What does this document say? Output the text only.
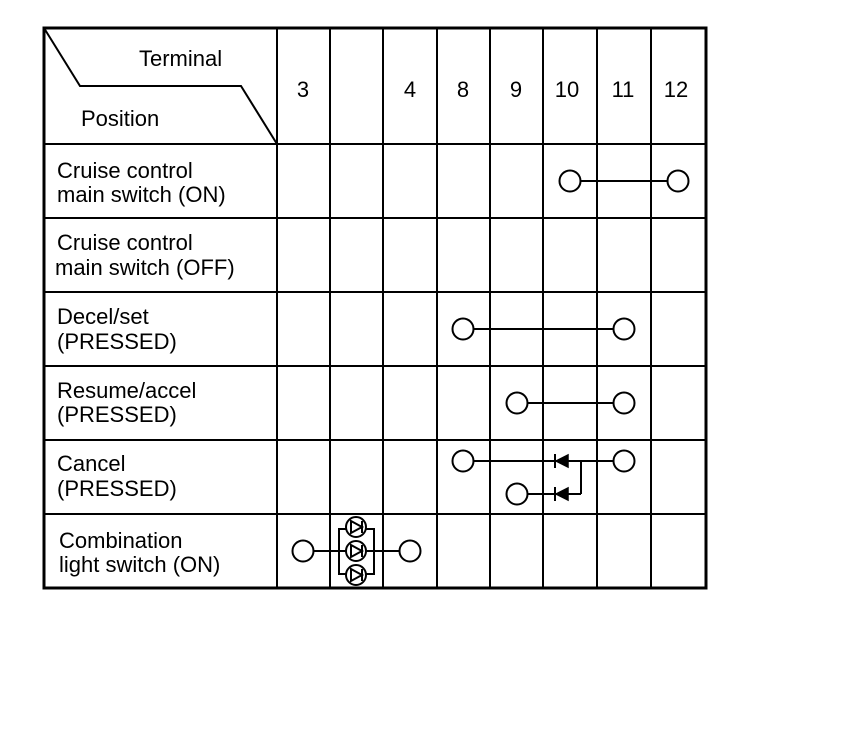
Terminal
Position
3	4 8 9 10 11 12
Cruise control
main switch (ON)
Cruise control
main switch (OFF)
Decel/set
(PRESSED)
Resume/accel
(PRESSED)
Cancel
(PRESSED)
Combination
light switch (ON)
